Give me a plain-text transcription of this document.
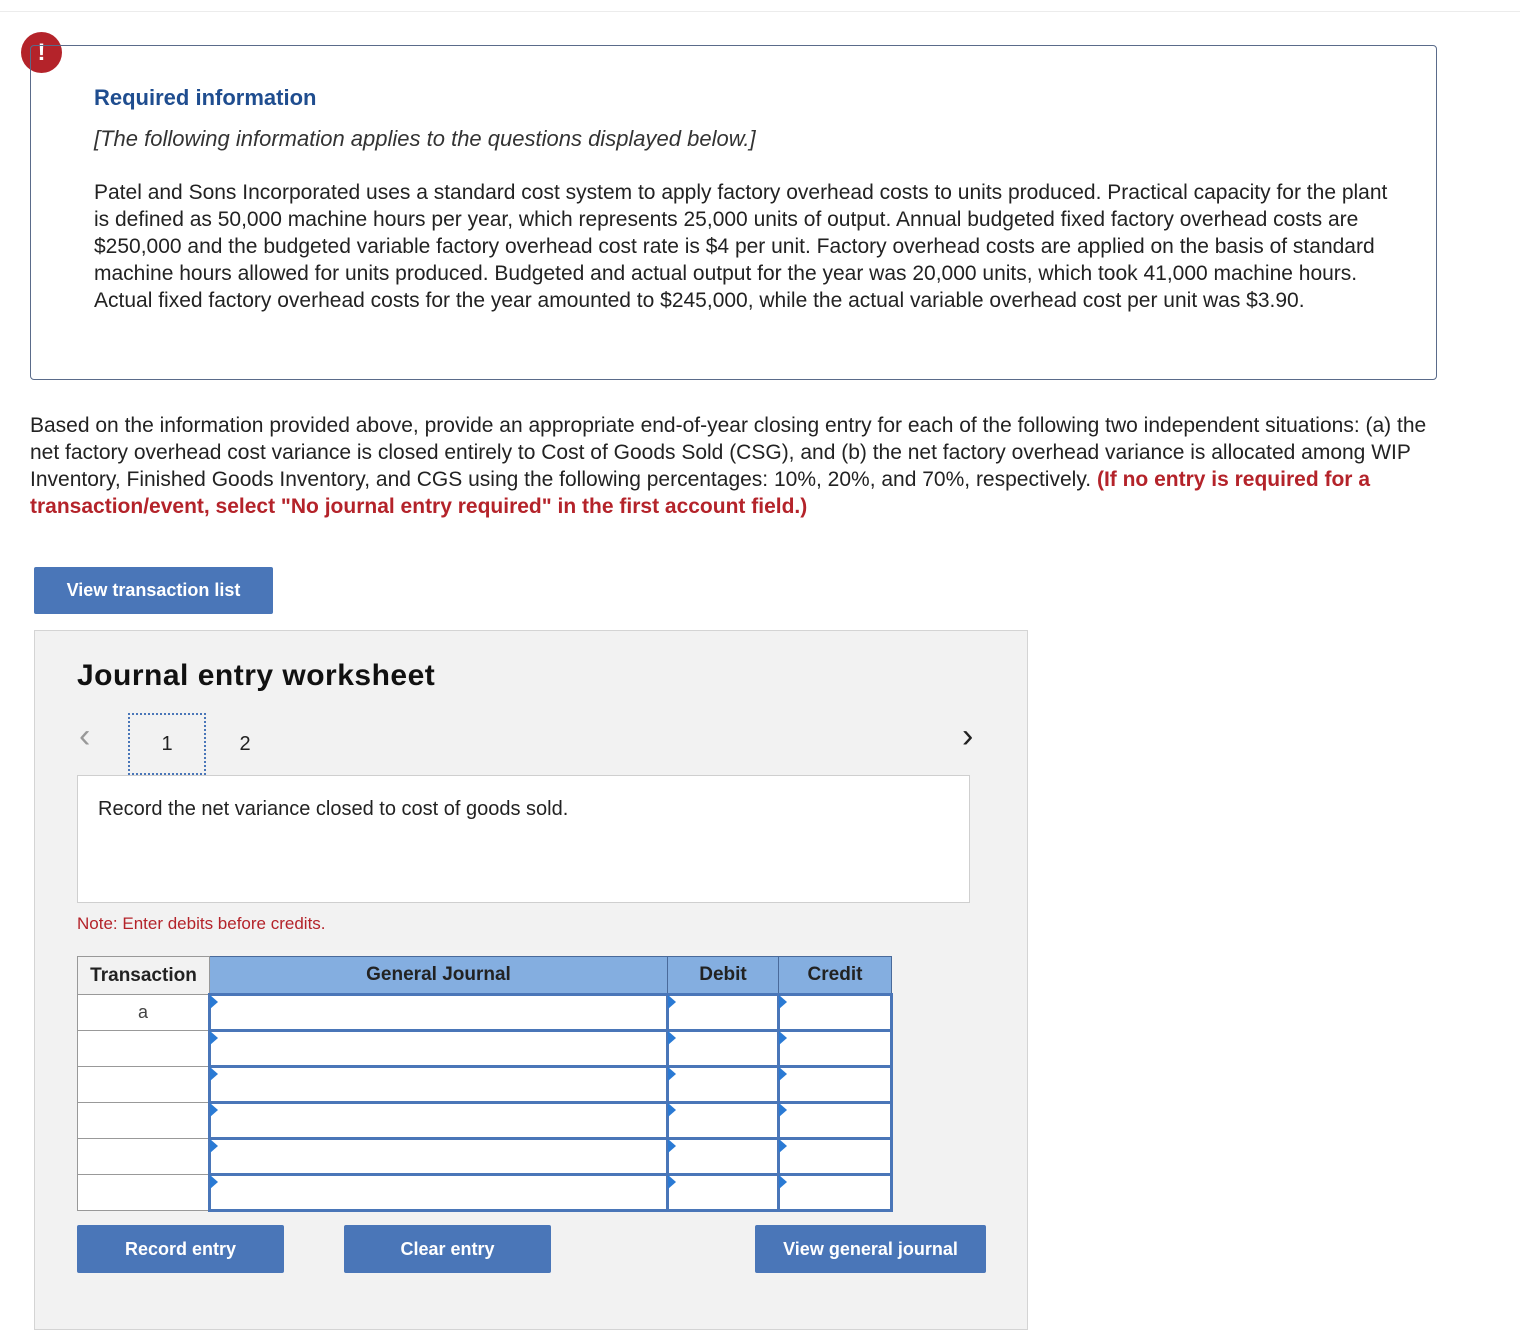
!
Required information
[The following information applies to the questions displayed below.]
Patel and Sons Incorporated uses a standard cost system to apply factory overhead costs to units produced. Practical capacity for the plant is defined as 50,000 machine hours per year, which represents 25,000 units of output. Annual budgeted fixed factory overhead costs are $250,000 and the budgeted variable factory overhead cost rate is $4 per unit. Factory overhead costs are applied on the basis of standard machine hours allowed for units produced. Budgeted and actual output for the year was 20,000 units, which took 41,000 machine hours. Actual fixed factory overhead costs for the year amounted to $245,000, while the actual variable overhead cost per unit was $3.90.
Based on the information provided above, provide an appropriate end-of-year closing entry for each of the following two independent situations: (a) the net factory overhead cost variance is closed entirely to Cost of Goods Sold (CSG), and (b) the net factory overhead variance is allocated among WIP Inventory, Finished Goods Inventory, and CGS using the following percentages: 10%, 20%, and 70%, respectively. (If no entry is required for a transaction/event, select "No journal entry required" in the first account field.)
View transaction list
Journal entry worksheet
‹	1	2	›
Record the net variance closed to cost of goods sold.
Note: Enter debits before credits.
Transaction	General Journal	Debit	Credit
a	

Record entry	Clear entry	View general journal
